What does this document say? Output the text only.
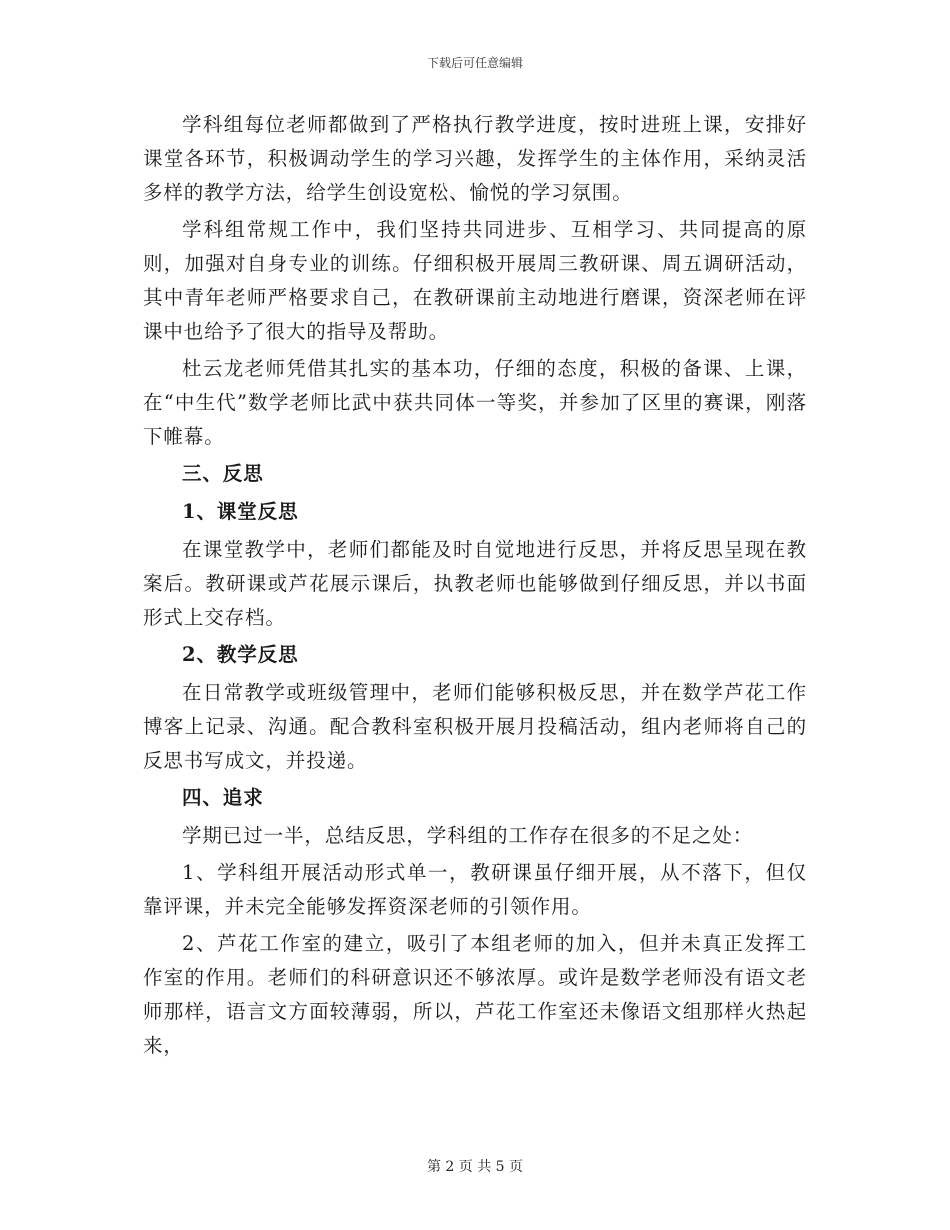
下载后可任意编辑

学科组每位老师都做到了严格执行教学进度，按时进班上课，安排好课堂各环节，积极调动学生的学习兴趣，发挥学生的主体作用，采纳灵活多样的教学方法，给学生创设宽松、愉悦的学习氛围。

学科组常规工作中，我们坚持共同进步、互相学习、共同提高的原则，加强对自身专业的训练。仔细积极开展周三教研课、周五调研活动，其中青年老师严格要求自己，在教研课前主动地进行磨课，资深老师在评课中也给予了很大的指导及帮助。

杜云龙老师凭借其扎实的基本功，仔细的态度，积极的备课、上课，在“中生代”数学老师比武中获共同体一等奖，并参加了区里的赛课，刚落下帷幕。

三、反思

1、课堂反思

在课堂教学中，老师们都能及时自觉地进行反思，并将反思呈现在教案后。教研课或芦花展示课后，执教老师也能够做到仔细反思，并以书面形式上交存档。

2、教学反思

在日常教学或班级管理中，老师们能够积极反思，并在数学芦花工作博客上记录、沟通。配合教科室积极开展月投稿活动，组内老师将自己的反思书写成文，并投递。

四、追求

学期已过一半，总结反思，学科组的工作存在很多的不足之处：

1、学科组开展活动形式单一，教研课虽仔细开展，从不落下，但仅靠评课，并未完全能够发挥资深老师的引领作用。

2、芦花工作室的建立，吸引了本组老师的加入，但并未真正发挥工作室的作用。老师们的科研意识还不够浓厚。或许是数学老师没有语文老师那样，语言文方面较薄弱，所以，芦花工作室还未像语文组那样火热起来，

第 2 页 共 5 页
